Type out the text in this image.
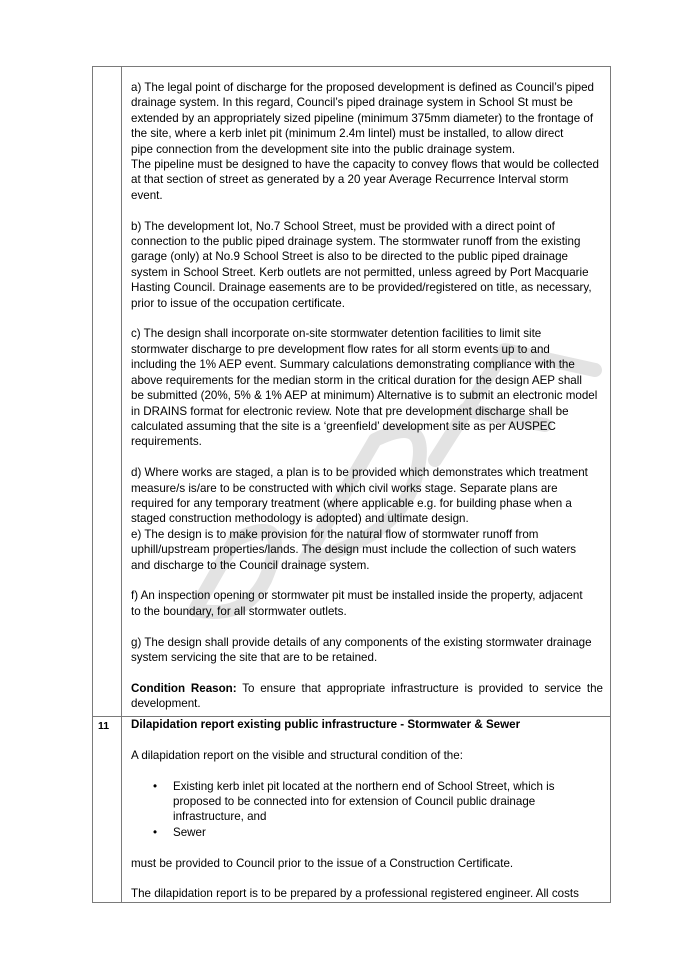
a) The legal point of discharge for the proposed development is defined as Council’s piped

drainage system. In this regard, Council’s piped drainage system in School St must be

extended by an appropriately sized pipeline (minimum 375mm diameter) to the frontage of

the site, where a kerb inlet pit (minimum 2.4m lintel) must be installed, to allow direct

pipe connection from the development site into the public drainage system.

The pipeline must be designed to have the capacity to convey flows that would be collected

at that section of street as generated by a 20 year Average Recurrence Interval storm

event.

b) The development lot, No.7 School Street, must be provided with a direct point of

connection to the public piped drainage system. The stormwater runoff from the existing

garage (only) at No.9 School Street is also to be directed to the public piped drainage

system in School Street. Kerb outlets are not permitted, unless agreed by Port Macquarie

Hasting Council. Drainage easements are to be provided/registered on title, as necessary,

prior to issue of the occupation certificate.

c) The design shall incorporate on-site stormwater detention facilities to limit site

stormwater discharge to pre development flow rates for all storm events up to and

including the 1% AEP event. Summary calculations demonstrating compliance with the

above requirements for the median storm in the critical duration for the design AEP shall

be submitted (20%, 5% & 1% AEP at minimum) Alternative is to submit an electronic model

in DRAINS format for electronic review. Note that pre development discharge shall be

calculated assuming that the site is a ‘greenfield’ development site as per AUSPEC

requirements.

d) Where works are staged, a plan is to be provided which demonstrates which treatment

measure/s is/are to be constructed with which civil works stage. Separate plans are

required for any temporary treatment (where applicable e.g. for building phase when a

staged construction methodology is adopted) and ultimate design.

e) The design is to make provision for the natural flow of stormwater runoff from

uphill/upstream properties/lands. The design must include the collection of such waters

and discharge to the Council drainage system.

f) An inspection opening or stormwater pit must be installed inside the property, adjacent

to the boundary, for all stormwater outlets.

g) The design shall provide details of any components of the existing stormwater drainage

system servicing the site that are to be retained.

Condition Reason: To ensure that appropriate infrastructure is provided to service the development.

11 Dilapidation report existing public infrastructure - Stormwater & Sewer

A dilapidation report on the visible and structural condition of the:

• Existing kerb inlet pit located at the northern end of School Street, which is
proposed to be connected into for extension of Council public drainage
infrastructure, and
• Sewer

must be provided to Council prior to the issue of a Construction Certificate.

The dilapidation report is to be prepared by a professional registered engineer. All costs
